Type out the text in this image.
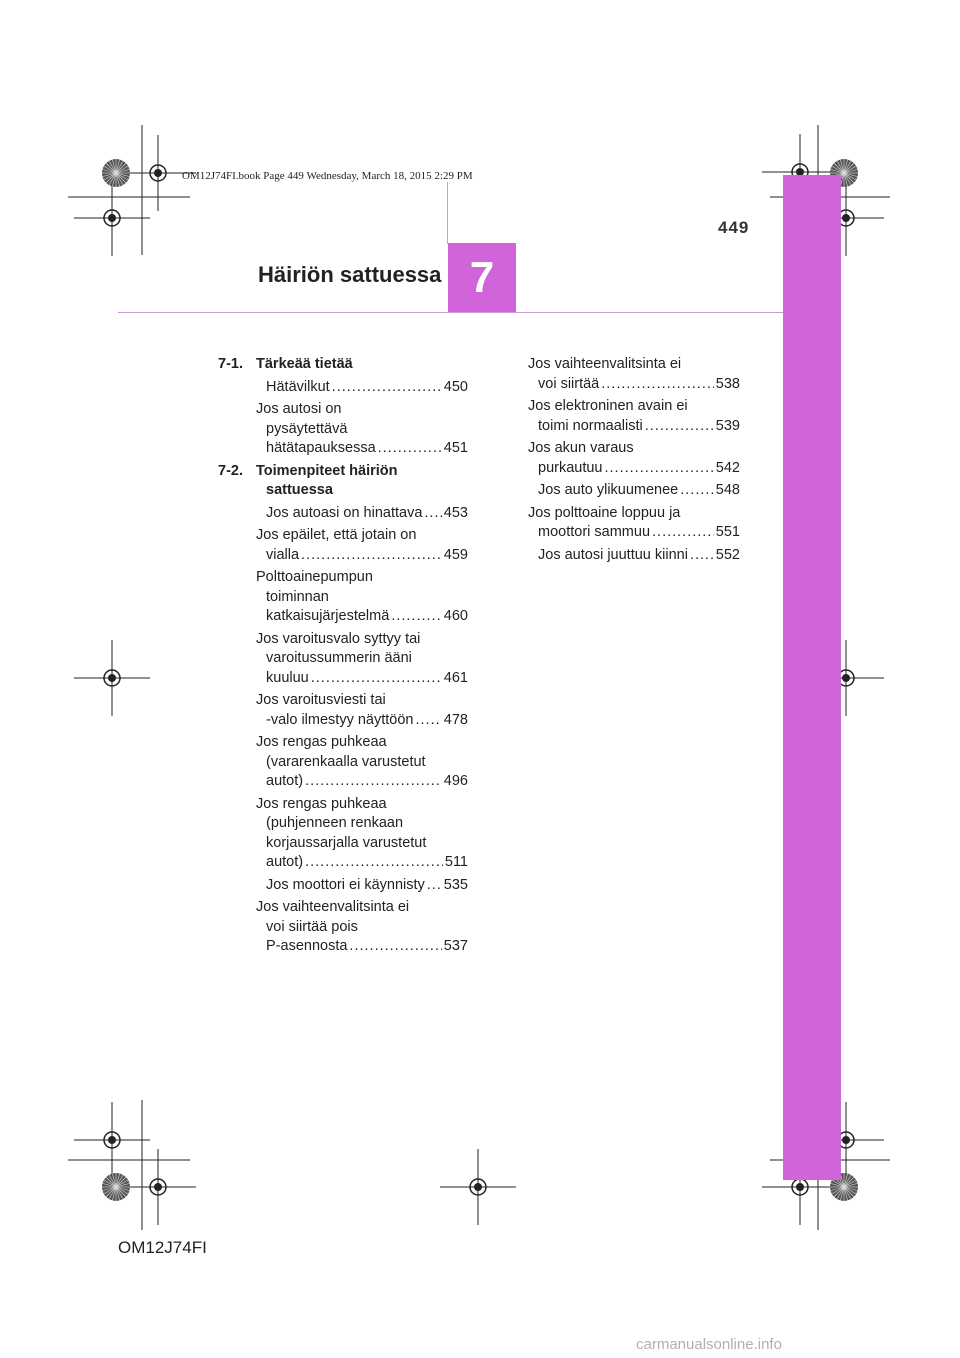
OM12J74FI.book Page 449 Wednesday, March 18, 2015 2:29 PM
449
Häiriön sattuessa 7
7-1. Tärkeää tietää
Hätävilkut .....	450
Jos autosi on
pysäytettävä
hätätapauksessa .....	451
7-2. Toimenpiteet häiriön sattuessa
Jos autoasi on hinattava ..... 453
Jos epäilet, että jotain on
vialla .....	459
Polttoainepumpun
toiminnan
katkaisujärjestelmä .....	460
Jos varoitusvalo syttyy tai
varoitussummerin ääni
kuuluu .....	461
Jos varoitusviesti tai
-valo ilmestyy näyttöön ..... 478
Jos rengas puhkeaa
(vararenkaalla varustetut
autot) .....	496
Jos rengas puhkeaa
(puhjenneen renkaan
korjaussarjalla varustetut
autot) .....	511
Jos moottori ei käynnisty ..... 535
Jos vaihteenvalitsinta ei
voi siirtää pois
P-asennosta .....	537
Jos vaihteenvalitsinta ei
voi siirtää .....	538
Jos elektroninen avain ei
toimi normaalisti .....	539
Jos akun varaus
purkautuu .....	542
Jos auto ylikuumenee .....	548
Jos polttoaine loppuu ja
moottori sammuu .....	551
Jos autosi juuttuu kiinni ..... 552
OM12J74FI
carmanualsonline.info
